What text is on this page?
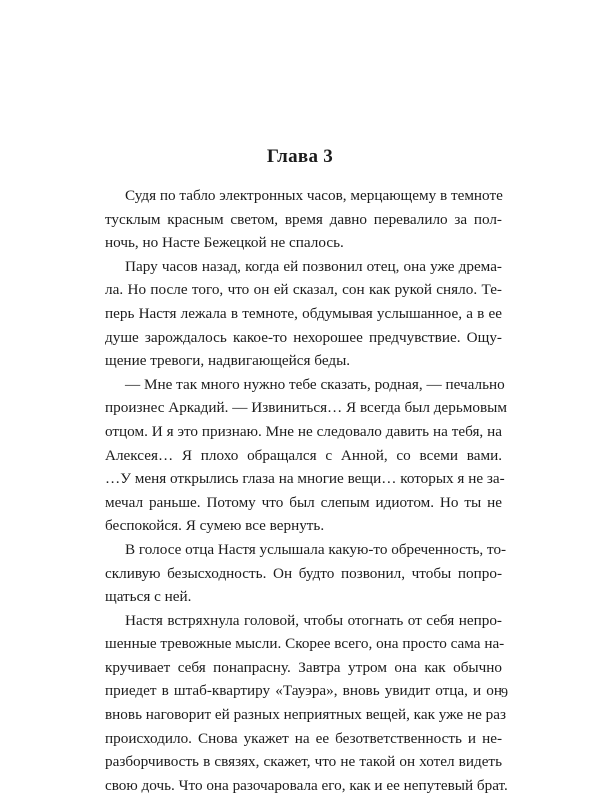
Глава 3
Судя по табло электронных часов, мерцающему в темноте
тусклым красным светом, время давно перевалило за пол-
ночь, но Насте Бежецкой не спалось.
Пару часов назад, когда ей позвонил отец, она уже дрема-
ла. Но после того, что он ей сказал, сон как рукой сняло. Те-
перь Настя лежала в темноте, обдумывая услышанное, а в ее
душе зарождалось какое-то нехорошее предчувствие. Ощу-
щение тревоги, надвигающейся беды.
— Мне так много нужно тебе сказать, родная, — печально
произнес Аркадий. — Извиниться… Я всегда был дерьмовым
отцом. И я это признаю. Мне не следовало давить на тебя, на
Алексея… Я плохо обращался с Анной, со всеми вами.
…У меня открылись глаза на многие вещи… которых я не за-
мечал раньше. Потому что был слепым идиотом. Но ты не
беспокойся. Я сумею все вернуть.
В голосе отца Настя услышала какую-то обреченность, то-
скливую безысходность. Он будто позвонил, чтобы попро-
щаться с ней.
Настя встряхнула головой, чтобы отогнать от себя непро-
шенные тревожные мысли. Скорее всего, она просто сама на-
кручивает себя понапрасну. Завтра утром она как обычно
приедет в штаб-квартиру «Тауэра», вновь увидит отца, и он
вновь наговорит ей разных неприятных вещей, как уже не раз
происходило. Снова укажет на ее безответственность и не-
разборчивость в связях, скажет, что не такой он хотел видеть
свою дочь. Что она разочаровала его, как и ее непутевый брат.
9
